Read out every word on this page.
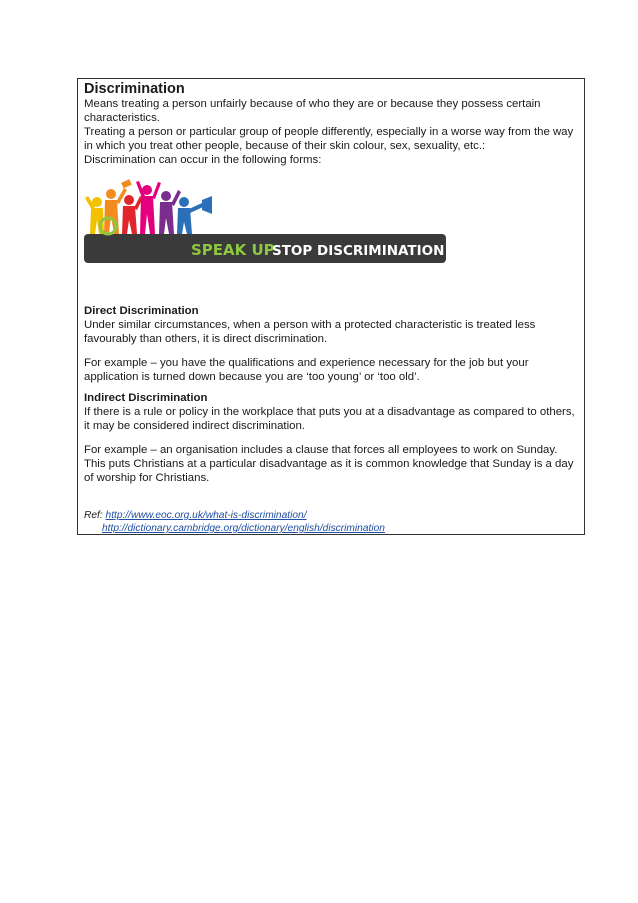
Discrimination

Means treating a person unfairly because of who they are or because they possess certain characteristics.

Treating a person or particular group of people differently, especially in a worse way from the way in which you treat other people, because of their skin colour, sex, sexuality, etc.:

Discrimination can occur in the following forms:

SPEAK UP
STOP DISCRIMINATION
Direct Discrimination

Under similar circumstances, when a person with a protected characteristic is treated less favourably than others, it is direct discrimination.

For example – you have the qualifications and experience necessary for the job but your application is turned down because you are ‘too young’ or ‘too old’.

Indirect Discrimination

If there is a rule or policy in the workplace that puts you at a disadvantage as compared to others, it may be considered indirect discrimination.

For example – an organisation includes a clause that forces all employees to work on Sunday. This puts Christians at a particular disadvantage as it is common knowledge that Sunday is a day of worship for Christians.

Ref: http://www.eoc.org.uk/what-is-discrimination/
http://dictionary.cambridge.org/dictionary/english/discrimination
